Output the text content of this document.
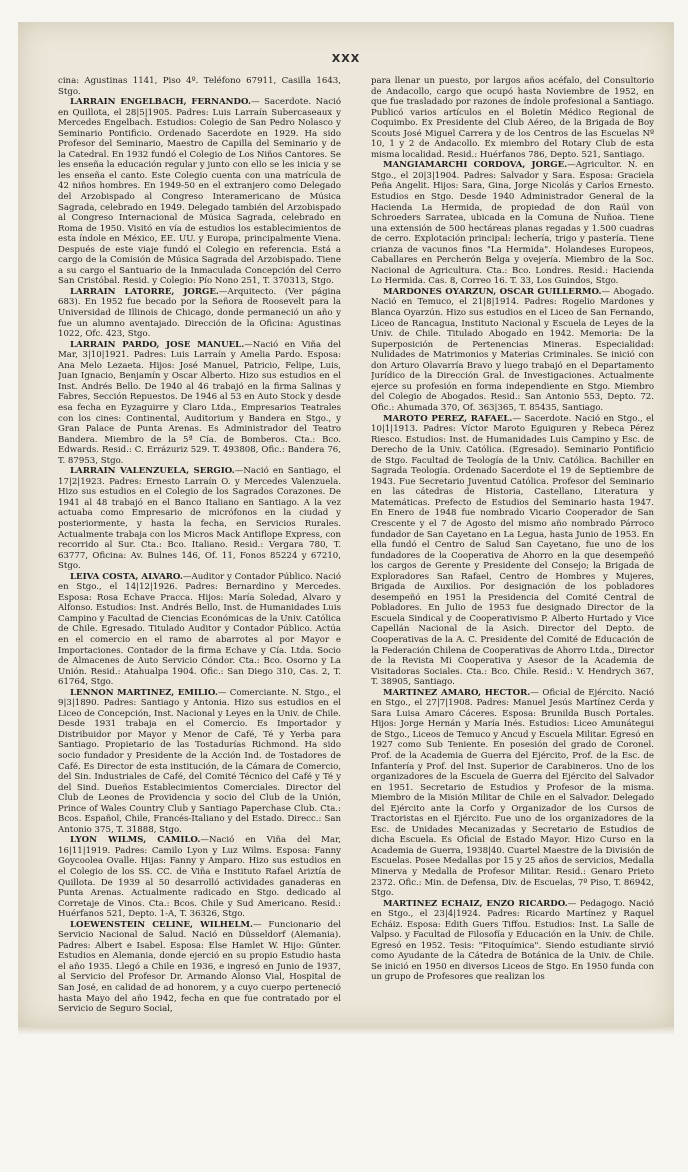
XXX

cina: Agustinas 1141, Piso 4º. Teléfono 67911, Casilla 1643, Stgo.

LARRAIN ENGELBACH, FERNANDO.— Sacerdote. Nació en Quillota, el 28|5|1905. Padres: Luis Larraín Subercaseaux y Mercedes Engelbach. Estudios: Colegio de San Pedro Nolasco y Seminario Pontificio. Ordenado Sacerdote en 1929. Ha sido Profesor del Seminario, Maestro de Capilla del Seminario y de la Catedral. En 1932 fundó el Colegio de Los Niños Cantores. Se les enseña la educación regular y junto con ello se les inicia y se les enseña el canto. Este Colegio cuenta con una matrícula de 42 niños hombres. En 1949-50 en el extranjero como Delegado del Arzobispado al Congreso Interamericano de Música Sagrada, celebrado en 1949. Delegado también del Arzobispado al Congreso Internacional de Música Sagrada, celebrado en Roma de 1950. Visitó en vía de estudios los establecimientos de esta índole en México, EE. UU. y Europa, principalmente Viena. Después de este viaje fundó el Colegio en referencia. Está a cargo de la Comisión de Música Sagrada del Arzobispado. Tiene a su cargo el Santuario de la Inmaculada Concepción del Cerro San Cristóbal. Resid. y Colegio: Pío Nono 251, T. 370313, Stgo.

LARRAIN LATORRE, JORGE.—Arquitecto. (Ver página 683). En 1952 fue becado por la Señora de Roosevelt para la Universidad de Illinois de Chicago, donde permaneció un año y fue un alumno aventajado. Dirección de la Oficina: Agustinas 1022, Ofc. 423, Stgo.

LARRAIN PARDO, JOSE MANUEL.—Nació en Viña del Mar, 3|10|1921. Padres: Luis Larraín y Amelia Pardo. Esposa: Ana Melo Lezaeta. Hijos: José Manuel, Patricio, Felipe, Luis, Juan Ignacio, Benjamín y Oscar Alberto. Hizo sus estudios en el Inst. Andrés Bello. De 1940 al 46 trabajó en la firma Salinas y Fabres, Sección Repuestos. De 1946 al 53 en Auto Stock y desde esa fecha en Eyzaguirre y Claro Ltda., Empresarios Teatrales con los cines: Continental, Auditorium y Bandera en Stgo., y Gran Palace de Punta Arenas. Es Administrador del Teatro Bandera. Miembro de la 5ª Cía. de Bomberos. Cta.: Bco. Edwards. Resid.: C. Errázuriz 529. T. 493808, Ofic.: Bandera 76, T. 87953, Stgo.

LARRAIN VALENZUELA, SERGIO.—Nació en Santiago, el 17|2|1923. Padres: Ernesto Larraín O. y Mercedes Valenzuela. Hizo sus estudios en el Colegio de los Sagrados Corazones. De 1941 al 48 trabajó en el Banco Italiano en Santiago. A la vez actuaba como Empresario de micrófonos en la ciudad y posteriormente, y hasta la fecha, en Servicios Rurales. Actualmente trabaja con los Micros Mack Antiflope Express, con recorrido al Sur. Cta.: Bco. Italiano. Resid.: Vergara 780, T. 63777, Oficina: Av. Bulnes 146, Of. 11, Fonos 85224 y 67210, Stgo.

LEIVA COSTA, ALVARO.—Auditor y Contador Público. Nació en Stgo., el 14|12|1926. Padres: Bernardino y Mercedes. Esposa: Rosa Echave Pracca. Hijos: María Soledad, Alvaro y Alfonso. Estudios: Inst. Andrés Bello, Inst. de Humanidades Luis Campino y Facultad de Ciencias Económicas de la Univ. Católica de Chile. Egresado. Titulado Auditor y Contador Público. Actúa en el comercio en el ramo de abarrotes al por Mayor e Importaciones. Contador de la firma Echave y Cía. Ltda. Socio de Almacenes de Auto Servicio Cóndor. Cta.: Bco. Osorno y La Unión. Resid.: Atahualpa 1904. Ofic.: San Diego 310, Cas. 2, T. 61764, Stgo.

LENNON MARTINEZ, EMILIO.— Comerciante. N. Stgo., el 9|3|1890. Padres: Santiago y Antonia. Hizo sus estudios en el Liceo de Concepción, Inst. Nacional y Leyes en la Univ. de Chile. Desde 1931 trabaja en el Comercio. Es Importador y Distribuidor por Mayor y Menor de Café, Té y Yerba para Santiago. Propietario de las Tostadurías Richmond. Ha sido socio fundador y Presidente de la Acción Ind. de Tostadores de Café. Es Director de esta institución, de la Cámara de Comercio, del Sin. Industriales de Café, del Comité Técnico del Café y Té y del Sind. Dueños Establecimientos Comerciales. Director del Club de Leones de Providencia y socio del Club de la Unión, Prince of Wales Country Club y Santiago Paperchase Club. Cta.: Bcos. Español, Chile, Francés-Italiano y del Estado. Direcc.: San Antonio 375, T. 31888, Stgo.

LYON WILMS, CAMILO.—Nació en Viña del Mar, 16|11|1919. Padres: Camilo Lyon y Luz Wilms. Esposa: Fanny Goycoolea Ovalle. Hijas: Fanny y Amparo. Hizo sus estudios en el Colegio de los SS. CC. de Viña e Instituto Rafael Ariztía de Quillota. De 1939 al 50 desarrolló actividades ganaderas en Punta Arenas. Actualmente radicado en Stgo. dedicado al Corretaje de Vinos. Cta.: Bcos. Chile y Sud Americano. Resid.: Huérfanos 521, Depto. 1-A, T. 36326, Stgo.

LOEWENSTEIN CELINE, WILHELM.— Funcionario del Servicio Nacional de Salud. Nació en Düsseldorf (Alemania). Padres: Albert e Isabel. Esposa: Else Hamlet W. Hijo: Günter. Estudios en Alemania, donde ejerció en su propio Estudio hasta el año 1935. Llegó a Chile en 1936, e ingresó en Junio de 1937, al Servicio del Profesor Dr. Armando Alonso Vial, Hospital de San José, en calidad de ad honorem, y a cuyo cuerpo perteneció hasta Mayo del año 1942, fecha en que fue contratado por el Servicio de Seguro Social,

para llenar un puesto, por largos años acéfalo, del Consultorio de Andacollo, cargo que ocupó hasta Noviembre de 1952, en que fue trasladado por razones de índole profesional a Santiago. Publicó varios artículos en el Boletín Médico Regional de Coquimbo. Ex Presidente del Club Aéreo, de la Brigada de Boy Scouts José Miguel Carrera y de los Centros de las Escuelas Nº 10, 1 y 2 de Andacollo. Ex miembro del Rotary Club de esta misma localidad. Resid.: Huérfanos 786, Depto. 521, Santiago.

MANGIAMARCHI CORDOVA, JORGE.—Agricultor. N. en Stgo., el 20|3|1904. Padres: Salvador y Sara. Esposa: Graciela Peña Angelit. Hijos: Sara, Gina, Jorge Nicolás y Carlos Ernesto. Estudios en Stgo. Desde 1940 Administrador General de la Hacienda La Hermida, de propiedad de don Raúl von Schroeders Sarratea, ubicada en la Comuna de Ñuñoa. Tiene una extensión de 500 hectáreas planas regadas y 1.500 cuadras de cerro. Explotación principal: lechería, trigo y pastería. Tiene crianza de vacunos finos "La Hermida". Holandeses Europeos, Caballares en Percherón Belga y ovejería. Miembro de la Soc. Nacional de Agricultura. Cta.: Bco. Londres. Resid.: Hacienda Lo Hermida. Cas. 8, Correo 16. T. 33, Los Guindos, Stgo.

MARDONES OYARZUN, OSCAR GUILLERMO.— Abogado. Nació en Temuco, el 21|8|1914. Padres: Rogelio Mardones y Blanca Oyarzún. Hizo sus estudios en el Liceo de San Fernando, Liceo de Rancagua, Instituto Nacional y Escuela de Leyes de la Univ. de Chile. Titulado Abogado en 1942. Memoria: De la Superposición de Pertenencias Mineras. Especialidad: Nulidades de Matrimonios y Materias Criminales. Se inició con don Arturo Olavarría Bravo y luego trabajó en el Departamento Jurídico de la Dirección Gral. de Investigaciones. Actualmente ejerce su profesión en forma independiente en Stgo. Miembro del Colegio de Abogados. Resid.: San Antonio 553, Depto. 72. Ofic.: Ahumada 370, Of. 363|365, T. 85435, Santiago.

MAROTO PEREZ, RAFAEL.— Sacerdote. Nació en Stgo., el 10|1|1913. Padres: Víctor Maroto Eguiguren y Rebeca Pérez Riesco. Estudios: Inst. de Humanidades Luis Campino y Esc. de Derecho de la Univ. Católica. (Egresado). Seminario Pontificio de Stgo. Facultad de Teología de la Univ. Católica. Bachiller en Sagrada Teología. Ordenado Sacerdote el 19 de Septiembre de 1943. Fue Secretario Juventud Católica. Profesor del Seminario en las cátedras de Historia, Castellano, Literatura y Matemáticas. Prefecto de Estudios del Seminario hasta 1947. En Enero de 1948 fue nombrado Vicario Cooperador de San Crescente y el 7 de Agosto del mismo año nombrado Párroco fundador de San Cayetano en La Legua, hasta Junio de 1953. En ella fundó el Centro de Salud San Cayetano, fue uno de los fundadores de la Cooperativa de Ahorro en la que desempeñó los cargos de Gerente y Presidente del Consejo; la Brigada de Exploradores San Rafael, Centro de Hombres y Mujeres, Brigada de Auxilios. Por designación de los pobladores desempeñó en 1951 la Presidencia del Comité Central de Pobladores. En Julio de 1953 fue designado Director de la Escuela Sindical y de Cooperativismo P. Alberto Hurtado y Vice Capellán Nacional de la Asich. Director del Depto. de Cooperativas de la A. C. Presidente del Comité de Educación de la Federación Chilena de Cooperativas de Ahorro Ltda., Director de la Revista Mi Cooperativa y Asesor de la Academia de Visitadoras Sociales. Cta.: Bco. Chile. Resid.: V. Hendrych 367, T. 38905, Santiago.

MARTINEZ AMARO, HECTOR.— Oficial de Ejército. Nació en Stgo., el 27|7|1908. Padres: Manuel Jesús Martínez Cerda y Sara Luisa Amaro Cáceres. Esposa: Brunilda Busch Portales. Hijos: Jorge Hernán y María Inés. Estudios: Liceo Amunátegui de Stgo., Liceos de Temuco y Ancud y Escuela Militar. Egresó en 1927 como Sub Teniente. En posesión del grado de Coronel. Prof. de la Academia de Guerra del Ejército, Prof. de la Esc. de Infantería y Prof. del Inst. Superior de Carabineros. Uno de los organizadores de la Escuela de Guerra del Ejército del Salvador en 1951. Secretario de Estudios y Profesor de la misma. Miembro de la Misión Militar de Chile en el Salvador. Delegado del Ejército ante la Corfo y Organizador de los Cursos de Tractoristas en el Ejército. Fue uno de los organizadores de la Esc. de Unidades Mecanizadas y Secretario de Estudios de dicha Escuela. Es Oficial de Estado Mayor. Hizo Curso en la Academia de Guerra, 1938|40. Cuartel Maestre de la División de Escuelas. Posee Medallas por 15 y 25 años de servicios, Medalla Minerva y Medalla de Profesor Militar. Resid.: Genaro Prieto 2372. Ofic.: Min. de Defensa, Div. de Escuelas, 7º Piso, T. 86942, Stgo.

MARTINEZ ECHAIZ, ENZO RICARDO.— Pedagogo. Nació en Stgo., el 23|4|1924. Padres: Ricardo Martínez y Raquel Echáiz. Esposa: Edith Guers Tiffou. Estudios: Inst. La Salle de Valpso. y Facultad de Filosofía y Educación en la Univ. de Chile. Egresó en 1952. Tesis: "Fitoquímica". Siendo estudiante sirvió como Ayudante de la Cátedra de Botánica de la Univ. de Chile. Se inició en 1950 en diversos Liceos de Stgo. En 1950 funda con un grupo de Profesores que realizan los
